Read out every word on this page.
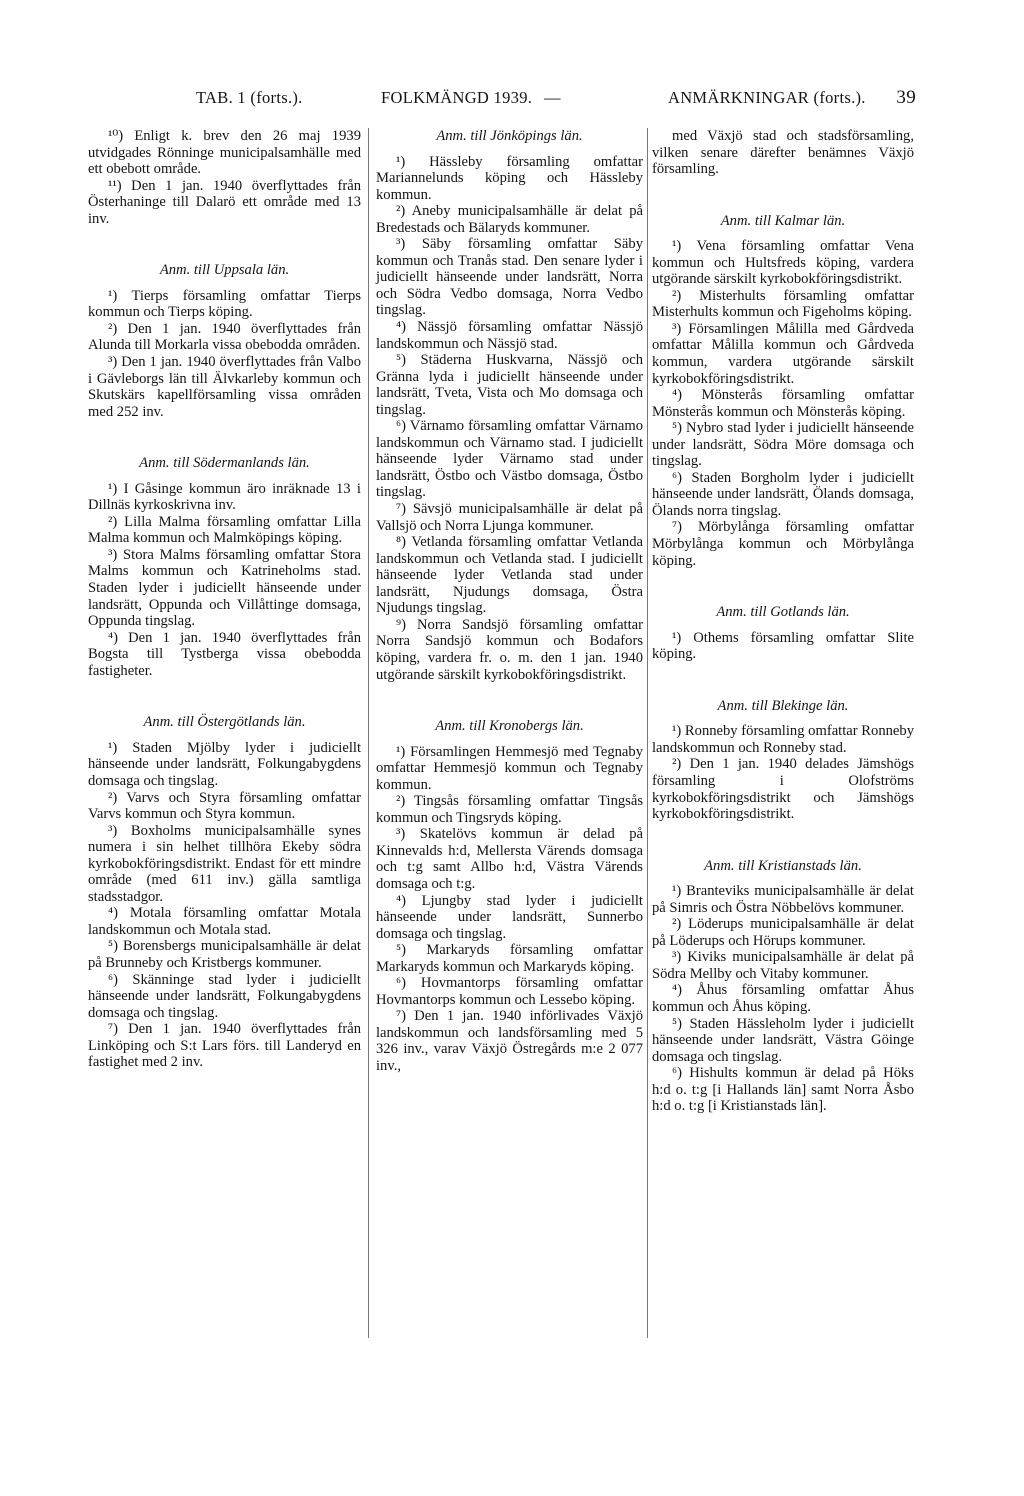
TAB. 1 (forts.).	FOLKMÄNGD 1939. —	ANMÄRKNINGAR (forts.). 39

¹⁰) Enligt k. brev den 26 maj 1939 utvidgades Rönninge municipalsamhälle med ett obebott område.

¹¹) Den 1 jan. 1940 överflyttades från Österhaninge till Dalarö ett område med 13 inv.

Anm. till Uppsala län.

¹) Tierps församling omfattar Tierps kommun och Tierps köping.

²) Den 1 jan. 1940 överflyttades från Alunda till Morkarla vissa obebodda områden.

³) Den 1 jan. 1940 överflyttades från Valbo i Gävleborgs län till Älvkarleby kommun och Skutskärs kapellförsamling vissa områden med 252 inv.

Anm. till Södermanlands län.

¹) I Gåsinge kommun äro inräknade 13 i Dillnäs kyrkoskrivna inv.

²) Lilla Malma församling omfattar Lilla Malma kommun och Malmköpings köping.

³) Stora Malms församling omfattar Stora Malms kommun och Katrineholms stad. Staden lyder i judiciellt hänseende under landsrätt, Oppunda och Villåttinge domsaga, Oppunda tingslag.

⁴) Den 1 jan. 1940 överflyttades från Bogsta till Tystberga vissa obebodda fastigheter.

Anm. till Östergötlands län.

¹) Staden Mjölby lyder i judiciellt hänseende under landsrätt, Folkungabygdens domsaga och tingslag.

²) Varvs och Styra församling omfattar Varvs kommun och Styra kommun.

³) Boxholms municipalsamhälle synes numera i sin helhet tillhöra Ekeby södra kyrkobokföringsdistrikt. Endast för ett mindre område (med 611 inv.) gälla samtliga stadsstadgor.

⁴) Motala församling omfattar Motala landskommun och Motala stad.

⁵) Borensbergs municipalsamhälle är delat på Brunneby och Kristbergs kommuner.

⁶) Skänninge stad lyder i judiciellt hänseende under landsrätt, Folkungabygdens domsaga och tingslag.

⁷) Den 1 jan. 1940 överflyttades från Linköping och S:t Lars förs. till Landeryd en fastighet med 2 inv.

Anm. till Jönköpings län.

¹) Hässleby församling omfattar Mariannelunds köping och Hässleby kommun.

²) Aneby municipalsamhälle är delat på Bredestads och Bälaryds kommuner.

³) Säby församling omfattar Säby kommun och Tranås stad. Den senare lyder i judiciellt hänseende under landsrätt, Norra och Södra Vedbo domsaga, Norra Vedbo tingslag.

⁴) Nässjö församling omfattar Nässjö landskommun och Nässjö stad.

⁵) Städerna Huskvarna, Nässjö och Gränna lyda i judiciellt hänseende under landsrätt, Tveta, Vista och Mo domsaga och tingslag.

⁶) Värnamo församling omfattar Värnamo landskommun och Värnamo stad. I judiciellt hänseende lyder Värnamo stad under landsrätt, Östbo och Västbo domsaga, Östbo tingslag.

⁷) Sävsjö municipalsamhälle är delat på Vallsjö och Norra Ljunga kommuner.

⁸) Vetlanda församling omfattar Vetlanda landskommun och Vetlanda stad. I judiciellt hänseende lyder Vetlanda stad under landsrätt, Njudungs domsaga, Östra Njudungs tingslag.

⁹) Norra Sandsjö församling omfattar Norra Sandsjö kommun och Bodafors köping, vardera fr. o. m. den 1 jan. 1940 utgörande särskilt kyrkobokföringsdistrikt.

Anm. till Kronobergs län.

¹) Församlingen Hemmesjö med Tegnaby omfattar Hemmesjö kommun och Tegnaby kommun.

²) Tingsås församling omfattar Tingsås kommun och Tingsryds köping.

³) Skatelövs kommun är delad på Kinnevalds h:d, Mellersta Värends domsaga och t:g samt Allbo h:d, Västra Värends domsaga och t:g.

⁴) Ljungby stad lyder i judiciellt hänseende under landsrätt, Sunnerbo domsaga och tingslag.

⁵) Markaryds församling omfattar Markaryds kommun och Markaryds köping.

⁶) Hovmantorps församling omfattar Hovmantorps kommun och Lessebo köping.

⁷) Den 1 jan. 1940 införlivades Växjö landskommun och landsförsamling med 5 326 inv., varav Växjö Östregårds m:e 2 077 inv.,

med Växjö stad och stadsförsamling, vilken senare därefter benämnes Växjö församling.

Anm. till Kalmar län.

¹) Vena församling omfattar Vena kommun och Hultsfreds köping, vardera utgörande särskilt kyrkobokföringsdistrikt.

²) Misterhults församling omfattar Misterhults kommun och Figeholms köping.

³) Församlingen Målilla med Gårdveda omfattar Målilla kommun och Gårdveda kommun, vardera utgörande särskilt kyrkobokföringsdistrikt.

⁴) Mönsterås församling omfattar Mönsterås kommun och Mönsterås köping.

⁵) Nybro stad lyder i judiciellt hänseende under landsrätt, Södra Möre domsaga och tingslag.

⁶) Staden Borgholm lyder i judiciellt hänseende under landsrätt, Ölands domsaga, Ölands norra tingslag.

⁷) Mörbylånga församling omfattar Mörbylånga kommun och Mörbylånga köping.

Anm. till Gotlands län.

¹) Othems församling omfattar Slite köping.

Anm. till Blekinge län.

¹) Ronneby församling omfattar Ronneby landskommun och Ronneby stad.

²) Den 1 jan. 1940 delades Jämshögs församling i Olofströms kyrkobokföringsdistrikt och Jämshögs kyrkobokföringsdistrikt.

Anm. till Kristianstads län.

¹) Branteviks municipalsamhälle är delat på Simris och Östra Nöbbelövs kommuner.

²) Löderups municipalsamhälle är delat på Löderups och Hörups kommuner.

³) Kiviks municipalsamhälle är delat på Södra Mellby och Vitaby kommuner.

⁴) Åhus församling omfattar Åhus kommun och Åhus köping.

⁵) Staden Hässleholm lyder i judiciellt hänseende under landsrätt, Västra Göinge domsaga och tingslag.

⁶) Hishults kommun är delad på Höks h:d o. t:g [i Hallands län] samt Norra Åsbo h:d o. t:g [i Kristianstads län].
